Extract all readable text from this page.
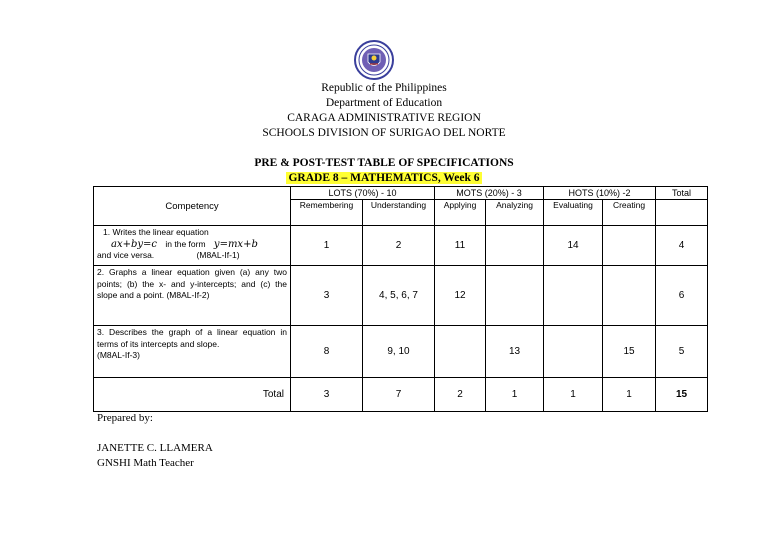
Republic of the Philippines
Department of Education
CARAGA ADMINISTRATIVE REGION
SCHOOLS DIVISION OF SURIGAO DEL NORTE
PRE & POST-TEST TABLE OF SPECIFICATIONS
GRADE 8 – MATHEMATICS, Week 6
Competency	LOTS (70%) - 10		MOTS (20%) - 3		HOTS (10%) -2		Total
	Remembering	Understanding	Applying	Analyzing	Evaluating	Creating	

1. Writes the linear equation
ax+by=c in the form y=mx+b
and vice versa. (M8AL-If-1)	1	2	11		14		4
2. Graphs a linear equation given (a) any two points; (b) the x- and y-intercepts; and (c) the slope and a point. (M8AL-If-2)	3	4, 5, 6, 7	12				6

3. Describes the graph of a linear equation in terms of its intercepts and slope.
(M8AL-If-3)	8	9, 10		13		15	5
Total	3	7	2	1	1	1	15
Prepared by:
JANETTE C. LLAMERA
GNSHI Math Teacher
